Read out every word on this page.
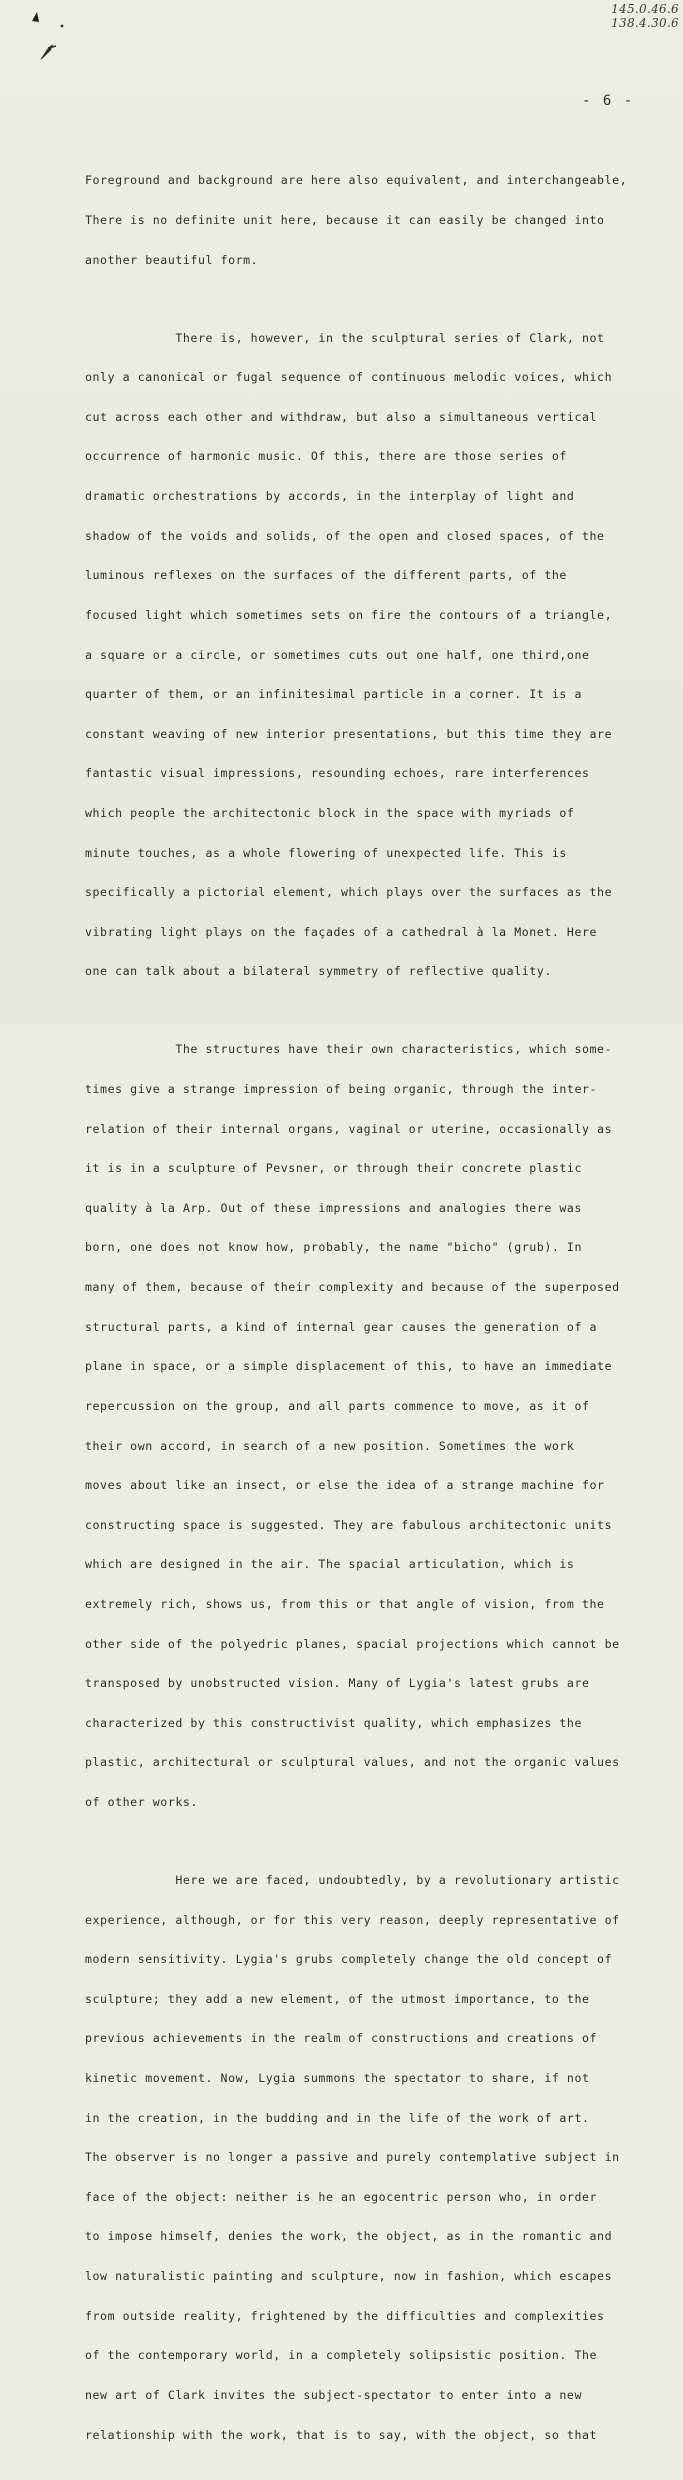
145.0.46.6
138.4.30.6
- 6 -

Foreground and background are here also equivalent, and interchangeable,

There is no definite unit here, because it can easily be changed into

another beautiful form.

There is, however, in the sculptural series of Clark, not

only a canonical or fugal sequence of continuous melodic voices, which

cut across each other and withdraw, but also a simultaneous vertical

occurrence of harmonic music. Of this, there are those series of

dramatic orchestrations by accords, in the interplay of light and

shadow of the voids and solids, of the open and closed spaces, of the

luminous reflexes on the surfaces of the different parts, of the

focused light which sometimes sets on fire the contours of a triangle,

a square or a circle, or sometimes cuts out one half, one third,one

quarter of them, or an infinitesimal particle in a corner. It is a

constant weaving of new interior presentations, but this time they are

fantastic visual impressions, resounding echoes, rare interferences

which people the architectonic block in the space with myriads of

minute touches, as a whole flowering of unexpected life. This is

specifically a pictorial element, which plays over the surfaces as the

vibrating light plays on the façades of a cathedral à la Monet. Here

one can talk about a bilateral symmetry of reflective quality.

The structures have their own characteristics, which some-

times give a strange impression of being organic, through the inter-

relation of their internal organs, vaginal or uterine, occasionally as

it is in a sculpture of Pevsner, or through their concrete plastic

quality à la Arp. Out of these impressions and analogies there was

born, one does not know how, probably, the name "bicho" (grub). In

many of them, because of their complexity and because of the superposed

structural parts, a kind of internal gear causes the generation of a

plane in space, or a simple displacement of this, to have an immediate

repercussion on the group, and all parts commence to move, as it of

their own accord, in search of a new position. Sometimes the work

moves about like an insect, or else the idea of a strange machine for

constructing space is suggested. They are fabulous architectonic units

which are designed in the air. The spacial articulation, which is

extremely rich, shows us, from this or that angle of vision, from the

other side of the polyedric planes, spacial projections which cannot be

transposed by unobstructed vision. Many of Lygia's latest grubs are

characterized by this constructivist quality, which emphasizes the

plastic, architectural or sculptural values, and not the organic values

of other works.

Here we are faced, undoubtedly, by a revolutionary artistic

experience, although, or for this very reason, deeply representative of

modern sensitivity. Lygia's grubs completely change the old concept of

sculpture; they add a new element, of the utmost importance, to the

previous achievements in the realm of constructions and creations of

kinetic movement. Now, Lygia summons the spectator to share, if not

in the creation, in the budding and in the life of the work of art.

The observer is no longer a passive and purely contemplative subject in

face of the object: neither is he an egocentric person who, in order

to impose himself, denies the work, the object, as in the romantic and

low naturalistic painting and sculpture, now in fashion, which escapes

from outside reality, frightened by the difficulties and complexities

of the contemporary world, in a completely solipsistic position. The

new art of Clark invites the subject-spectator to enter into a new

relationship with the work, that is to say, with the object, so that
